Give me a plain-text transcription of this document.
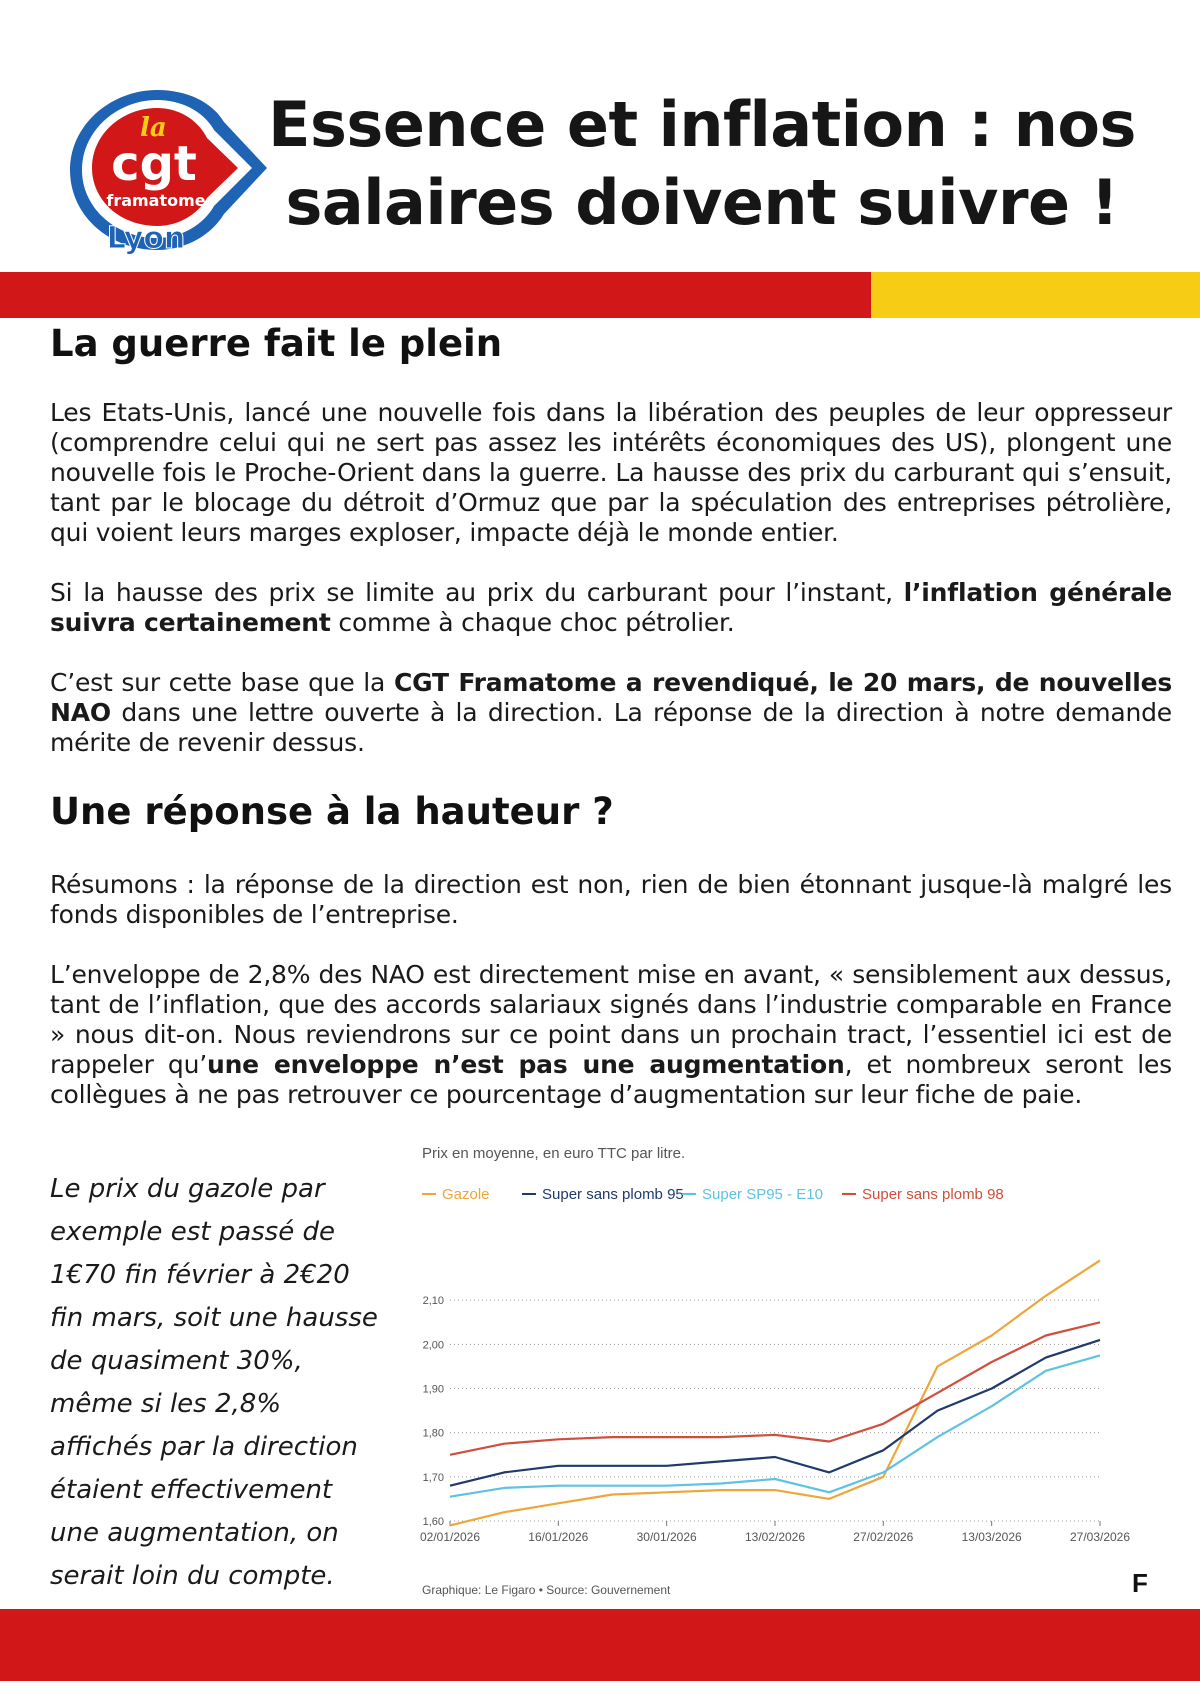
la
cgt
framatome
Lyon
Essence et inflation : nos
salaires doivent suivre !
La guerre fait le plein

Les Etats-Unis, lancé une nouvelle fois dans la libération des peuples de leur oppresseur (comprendre celui qui ne sert pas assez les intérêts économiques des US), plongent une nouvelle fois le Proche-Orient dans la guerre. La hausse des prix du carburant qui s’ensuit, tant par le blocage du détroit d’Ormuz que par la spéculation des entreprises pétrolière, qui voient leurs marges exploser, impacte déjà le monde entier.

Si la hausse des prix se limite au prix du carburant pour l’instant, l’inflation générale suivra certainement comme à chaque choc pétrolier.

C’est sur cette base que la CGT Framatome a revendiqué, le 20 mars, de nouvelles NAO dans une lettre ouverte à la direction. La réponse de la direction à notre demande mérite de revenir dessus.

Une réponse à la hauteur ?

Résumons : la réponse de la direction est non, rien de bien étonnant jusque-là malgré les fonds disponibles de l’entreprise.

L’enveloppe de 2,8% des NAO est directement mise en avant, « sensiblement aux dessus, tant de l’inflation, que des accords salariaux signés dans l’industrie comparable en France » nous dit-on. Nous reviendrons sur ce point dans un prochain tract, l’essentiel ici est de rappeler qu’une enveloppe n’est pas une augmentation, et nombreux seront les collègues à ne pas retrouver ce pourcentage d’augmentation sur leur fiche de paie.

Le prix du gazole par exemple est passé de 1€70 fin février à 2€20 fin mars, soit une hausse de quasiment 30%, même si les 2,8% affichés par la direction étaient effectivement une augmentation, on serait loin du compte.

Prix en moyenne, en euro TTC par litre.
Gazole	Super sans plomb 95 Super SP95 - E10	Super sans plomb 98
1,60
1,70
1,80
1,90
2,00
2,10
02/01/2026	16/01/2026	30/01/2026	13/02/2026	27/02/2026	13/03/2026	27/03/2026
Graphique: Le Figaro • Source: Gouvernement	F
